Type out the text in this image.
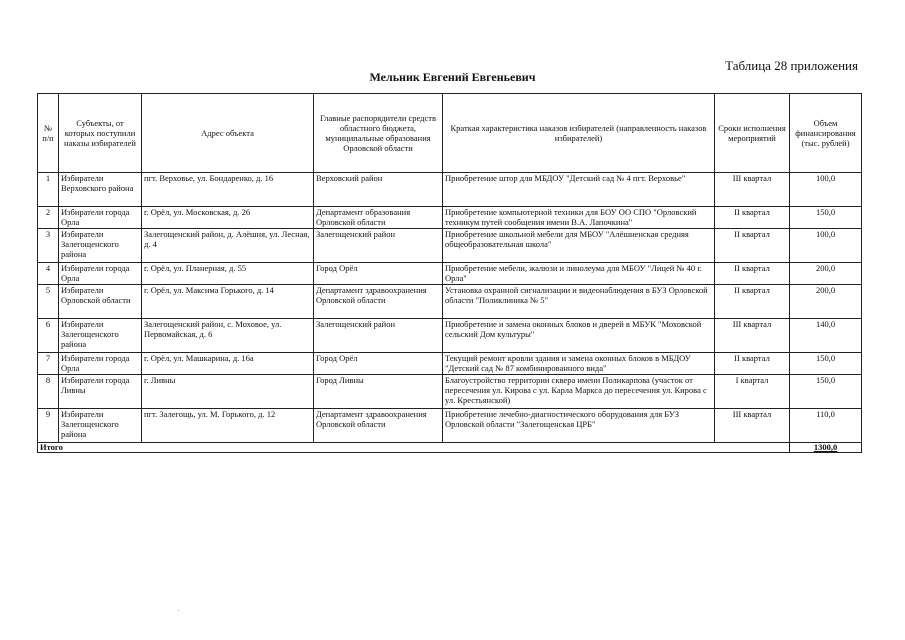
Таблица 28 приложения
Мельник Евгений Евгеньевич
№ п/п	Субъекты, от которых поступили наказы избирателей	Адрес объекта	Главные распорядители средств областного бюджета, муниципальные образования Орловской области	Краткая характеристика наказов избирателей (направленность наказов избирателей)	Сроки исполнения мероприятий	Объем финансирования (тыс. рублей)
1	Избиратели Верховского района	пгт. Верховье, ул. Бондаренко, д. 16	Верховский район	Приобретение штор для МБДОУ "Детский сад № 4 пгт. Верховье"	III квартал	100,0
2	Избиратели города Орла	г. Орёл, ул. Московская, д. 26	Департамент образования Орловской области	Приобретение компьютерной техники для БОУ ОО СПО "Орловский техникум путей сообщения имени В.А. Лапочкина"	II квартал	150,0
3	Избиратели Залегощенского района	Залегощенский район, д. Алёшня, ул. Лесная, д. 4	Залегощенский район	Приобретение школьной мебели для МБОУ "Алёшненская средняя общеобразовательная школа"	II квартал	100,0
4	Избиратели города Орла	г. Орёл, ул. Планерная, д. 55	Город Орёл	Приобретение мебели, жалюзи и линолеума для МБОУ "Лицей № 40 г. Орла"	II квартал	200,0
5	Избиратели Орловской области	г. Орёл, ул. Максима Горького, д. 14	Департамент здравоохранения Орловской области	Установка охранной сигнализации и видеонаблюдения в БУЗ Орловской области "Поликлиника № 5"	II квартал	200,0
6	Избиратели Залегощенского района	Залегощенский район, с. Моховое, ул. Первомайская, д. 6	Залегощенский район	Приобретение и замена оконных блоков и дверей в МБУК "Моховской сельский Дом культуры"	III квартал	140,0
7	Избиратели города Орла	г. Орёл, ул. Машкарина, д. 16а	Город Орёл	Текущий ремонт кровли здания и замена оконных блоков в МБДОУ "Детский сад № 87 комбинированного вида"	II квартал	150,0
8	Избиратели города Ливны	г. Ливны	Город Ливны	Благоустройство территории сквера имени Поликарпова (участок от пересечения ул. Кирова с ул. Карла Маркса до пересечения ул. Кирова с ул. Крестьянской)	I квартал	150,0
9	Избиратели Залегощенского района	пгт. Залегощь, ул. М. Горького, д. 12	Департамент здравоохранения Орловской области	Приобретение лечебно-диагностического оборудования для БУЗ Орловской области "Залегощенская ЦРБ"	III квартал	110,0
Итого						1300,0
